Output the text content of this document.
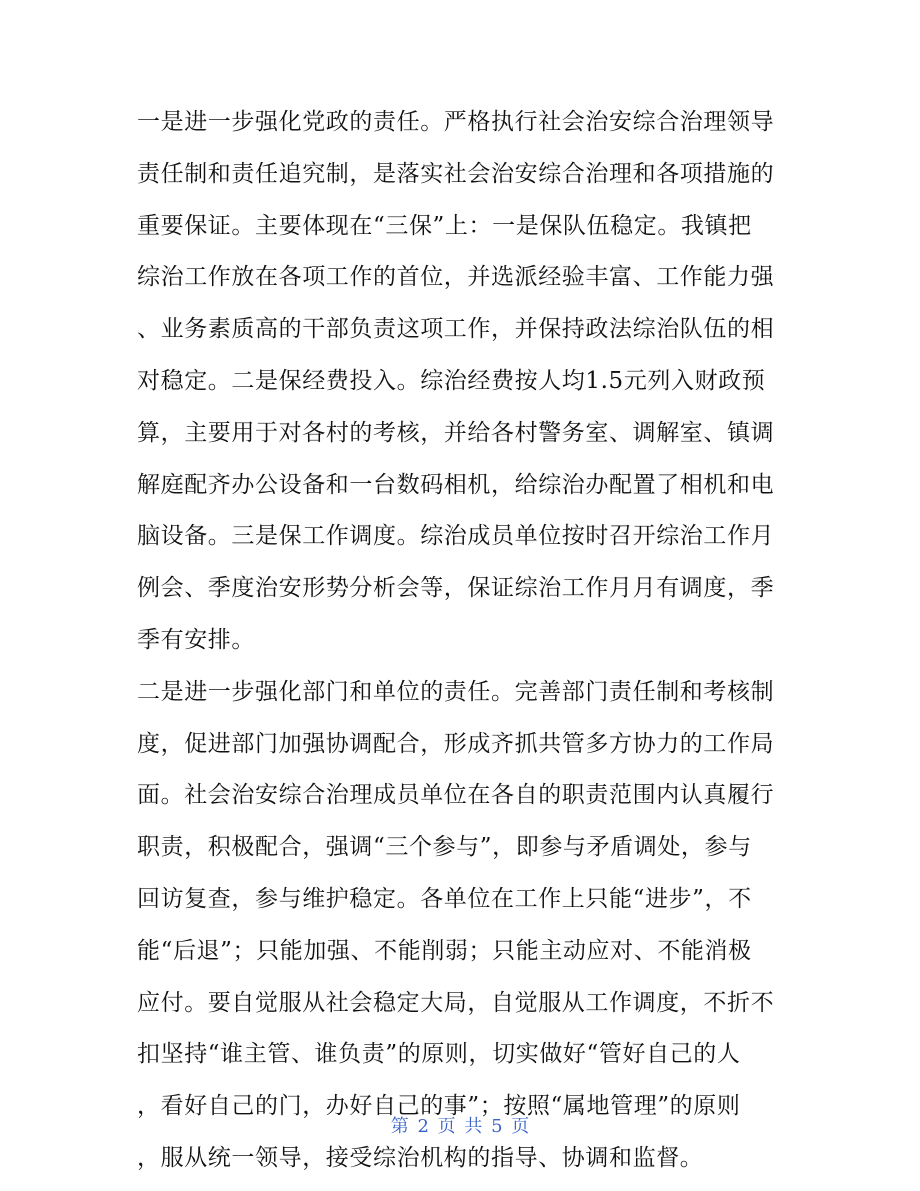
一是进一步强化党政的责任。严格执行社会治安综合治理领导
责任制和责任追究制，是落实社会治安综合治理和各项措施的
重要保证。主要体现在“三保”上：一是保队伍稳定。我镇把
综治工作放在各项工作的首位，并选派经验丰富、工作能力强
、业务素质高的干部负责这项工作，并保持政法综治队伍的相
对稳定。二是保经费投入。综治经费按人均1.5元列入财政预
算，主要用于对各村的考核，并给各村警务室、调解室、镇调
解庭配齐办公设备和一台数码相机，给综治办配置了相机和电
脑设备。三是保工作调度。综治成员单位按时召开综治工作月
例会、季度治安形势分析会等，保证综治工作月月有调度，季
季有安排。
二是进一步强化部门和单位的责任。完善部门责任制和考核制
度，促进部门加强协调配合，形成齐抓共管多方协力的工作局
面。社会治安综合治理成员单位在各自的职责范围内认真履行
职责，积极配合，强调“三个参与”，即参与矛盾调处，参与
回访复查，参与维护稳定。各单位在工作上只能“进步”，不
能“后退”；只能加强、不能削弱；只能主动应对、不能消极
应付。要自觉服从社会稳定大局，自觉服从工作调度，不折不
扣坚持“谁主管、谁负责”的原则，切实做好“管好自己的人
，看好自己的门，办好自己的事”；按照“属地管理”的原则
，服从统一领导，接受综治机构的指导、协调和监督。
第 2 页 共 5 页
